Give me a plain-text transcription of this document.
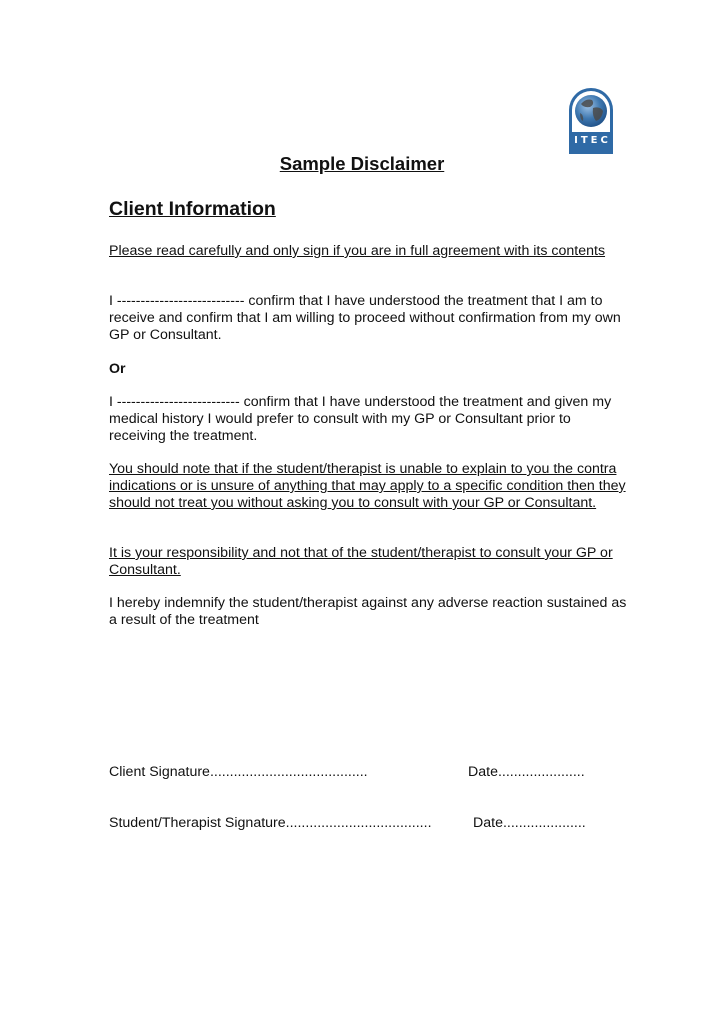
ITEC
Sample Disclaimer
Client Information

Please read carefully and only sign if you are in full agreement with its contents

I --------------------------- confirm that I have understood the treatment that I am to receive and confirm that I am willing to proceed without confirmation from my own GP or Consultant.

Or

I -------------------------- confirm that I have understood the treatment and given my medical history I would prefer to consult with my GP or Consultant prior to receiving the treatment.

You should note that if the student/therapist is unable to explain to you the contra indications or is unsure of anything that may apply to a specific condition then they should not treat you without asking you to consult with your GP or Consultant.

It is your responsibility and not that of the student/therapist to consult your GP or Consultant.

I hereby indemnify the student/therapist against any adverse reaction sustained as a result of the treatment

Client Signature........................................	Date......................

Student/Therapist Signature.....................................	Date.....................
